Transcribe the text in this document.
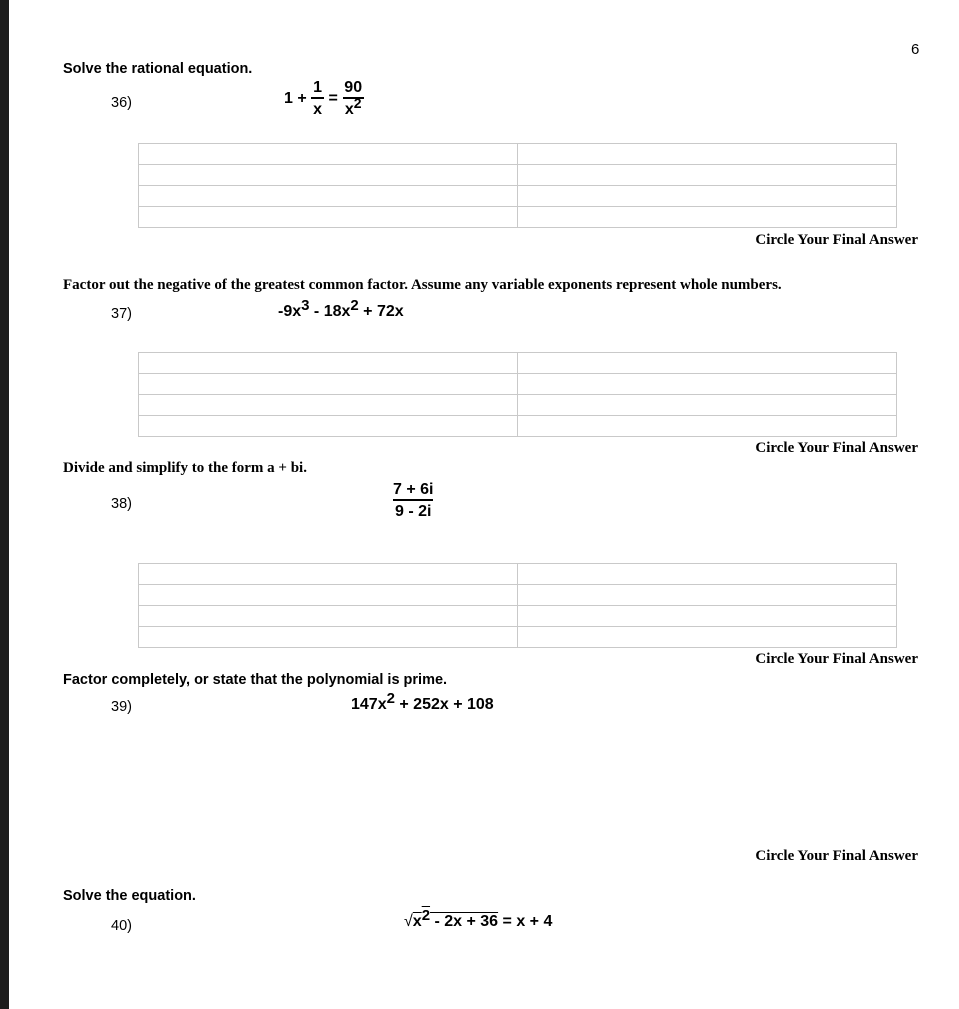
6
Solve the rational equation.
36)	$1 + \frac{1}{x} = \frac{90}{x^2}$
Circle Your Final Answer
Factor out the negative of the greatest common factor. Assume any variable exponents represent whole numbers.
37)	$-9x^3 - 18x^2 + 72x$
Circle Your Final Answer
Divide and simplify to the form a + bi.
38)	$\frac{7 + 6i}{9 - 2i}$
Circle Your Final Answer
Factor completely, or state that the polynomial is prime.
39)	$147x^2 + 252x + 108$
Circle Your Final Answer
Solve the equation.
40)	$√x^2 - 2x + 36 = x + 4$
